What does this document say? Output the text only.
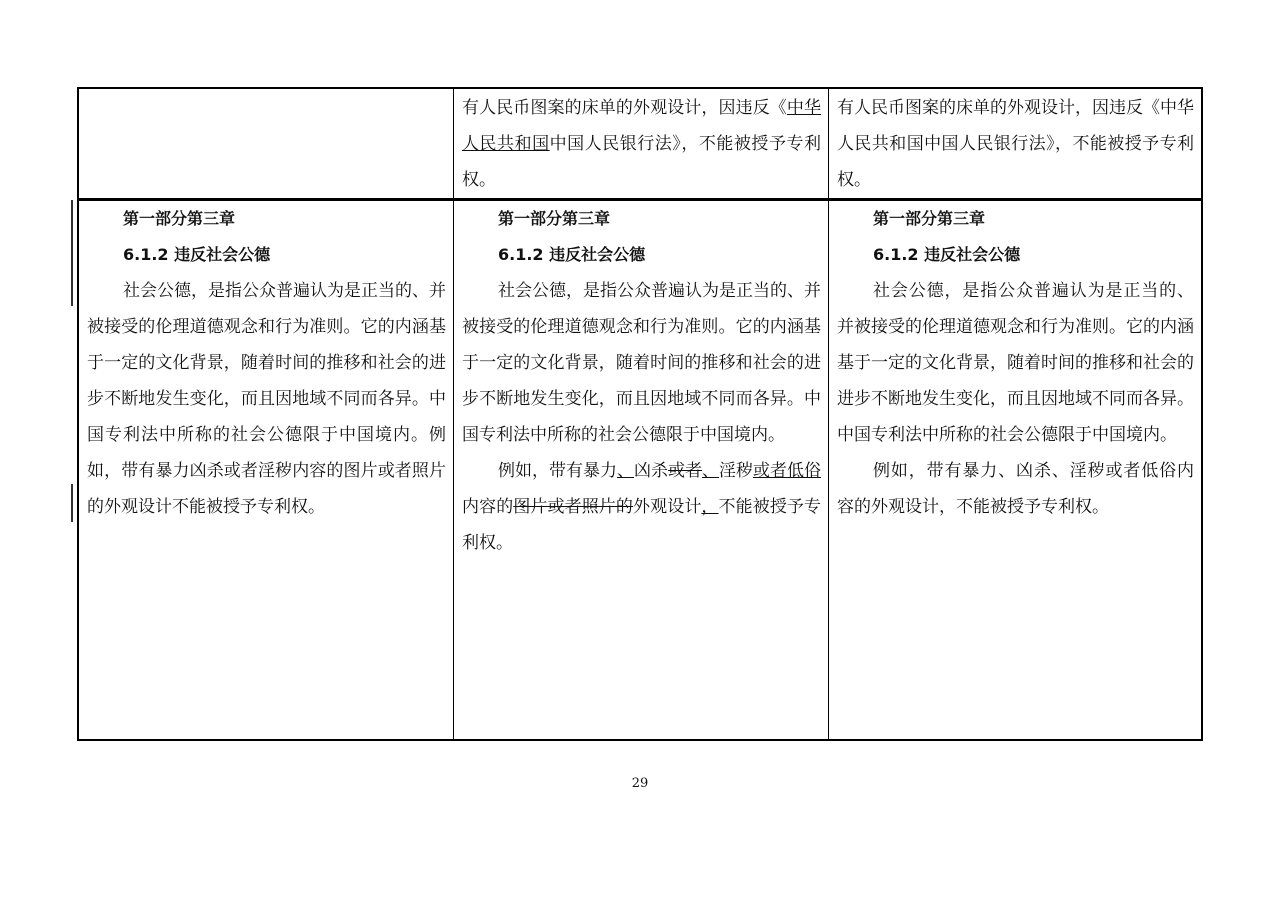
有人民币图案的床单的外观设计，因违反《中华人民共和国中国人民银行法》，不能被授予专利权。
有人民币图案的床单的外观设计，因违反《中华人民共和国中国人民银行法》，不能被授予专利权。
第一部分第三章
6.1.2 违反社会公德

社会公德，是指公众普遍认为是正当的、并被接受的伦理道德观念和行为准则。它的内涵基于一定的文化背景，随着时间的推移和社会的进步不断地发生变化，而且因地域不同而各异。中国专利法中所称的社会公德限于中国境内。例如，带有暴力凶杀或者淫秽内容的图片或者照片的外观设计不能被授予专利权。

第一部分第三章
6.1.2 违反社会公德

社会公德，是指公众普遍认为是正当的、并被接受的伦理道德观念和行为准则。它的内涵基于一定的文化背景，随着时间的推移和社会的进步不断地发生变化，而且因地域不同而各异。中国专利法中所称的社会公德限于中国境内。

例如，带有暴力、凶杀或者、淫秽或者低俗内容的图片或者照片的外观设计，不能被授予专利权。

第一部分第三章
6.1.2 违反社会公德

社会公德，是指公众普遍认为是正当的、并被接受的伦理道德观念和行为准则。它的内涵基于一定的文化背景，随着时间的推移和社会的进步不断地发生变化，而且因地域不同而各异。中国专利法中所称的社会公德限于中国境内。

例如，带有暴力、凶杀、淫秽或者低俗内容的外观设计，不能被授予专利权。

29
